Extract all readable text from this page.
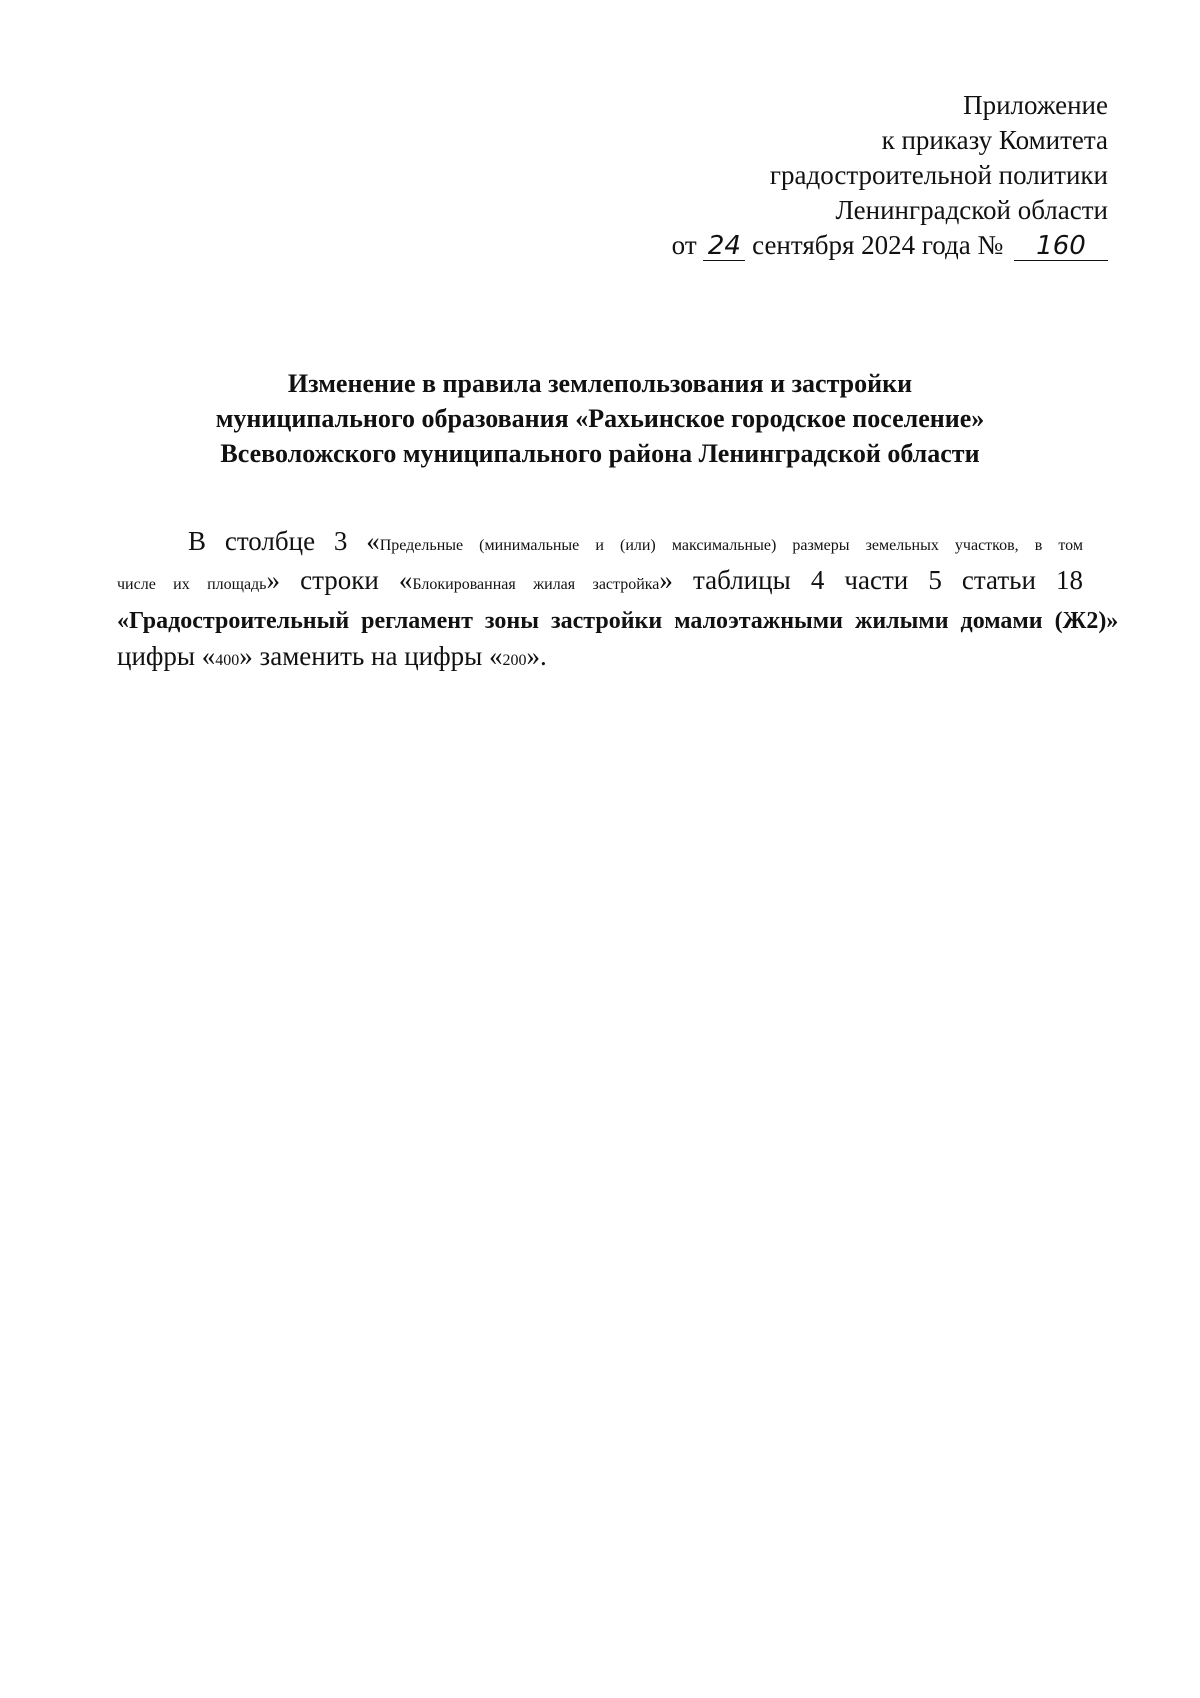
Приложение
к приказу Комитета
градостроительной политики
Ленинградской области
от 24 сентября 2024 года № 160
Изменение в правила землепользования и застройки
муниципального образования «Рахьинское городское поселение»
Всеволожского муниципального района Ленинградской области
В столбце 3 «Предельные (минимальные и (или) максимальные) размеры земельных участков, в том
числе их площадь» строки «Блокированная жилая застройка» таблицы 4 части 5 статьи 18
«Градостроительный регламент зоны застройки малоэтажными жилыми домами (Ж2)»
цифры «400» заменить на цифры «200».
